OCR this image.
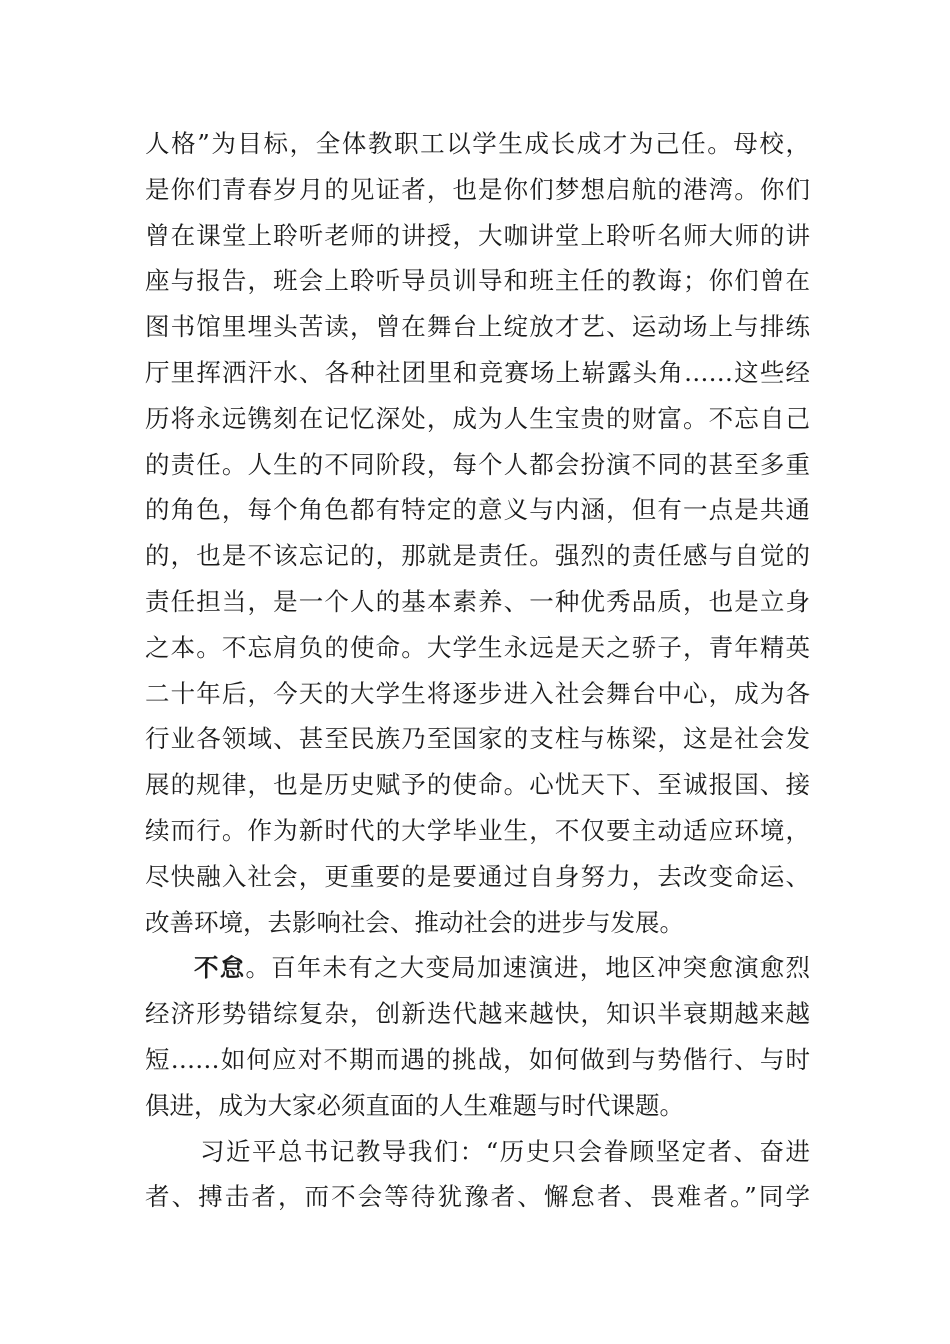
人格”为目标，全体教职工以学生成长成才为己任。母校，
是你们青春岁月的见证者，也是你们梦想启航的港湾。你们
曾在课堂上聆听老师的讲授，大咖讲堂上聆听名师大师的讲
座与报告，班会上聆听导员训导和班主任的教诲；你们曾在
图书馆里埋头苦读，曾在舞台上绽放才艺、运动场上与排练
厅里挥洒汗水、各种社团里和竞赛场上崭露头角……这些经
历将永远镌刻在记忆深处，成为人生宝贵的财富。不忘自己
的责任。人生的不同阶段，每个人都会扮演不同的甚至多重
的角色，每个角色都有特定的意义与内涵，但有一点是共通
的，也是不该忘记的，那就是责任。强烈的责任感与自觉的
责任担当，是一个人的基本素养、一种优秀品质，也是立身
之本。不忘肩负的使命。大学生永远是天之骄子，青年精英
二十年后，今天的大学生将逐步进入社会舞台中心，成为各
行业各领域、甚至民族乃至国家的支柱与栋梁，这是社会发
展的规律，也是历史赋予的使命。心忧天下、至诚报国、接
续而行。作为新时代的大学毕业生，不仅要主动适应环境，
尽快融入社会，更重要的是要通过自身努力，去改变命运、
改善环境，去影响社会、推动社会的进步与发展。
不怠。百年未有之大变局加速演进，地区冲突愈演愈烈
经济形势错综复杂，创新迭代越来越快，知识半衰期越来越
短……如何应对不期而遇的挑战，如何做到与势偕行、与时
俱进，成为大家必须直面的人生难题与时代课题。
习近平总书记教导我们：“历史只会眷顾坚定者、奋进
者、搏击者，而不会等待犹豫者、懈怠者、畏难者。”同学
